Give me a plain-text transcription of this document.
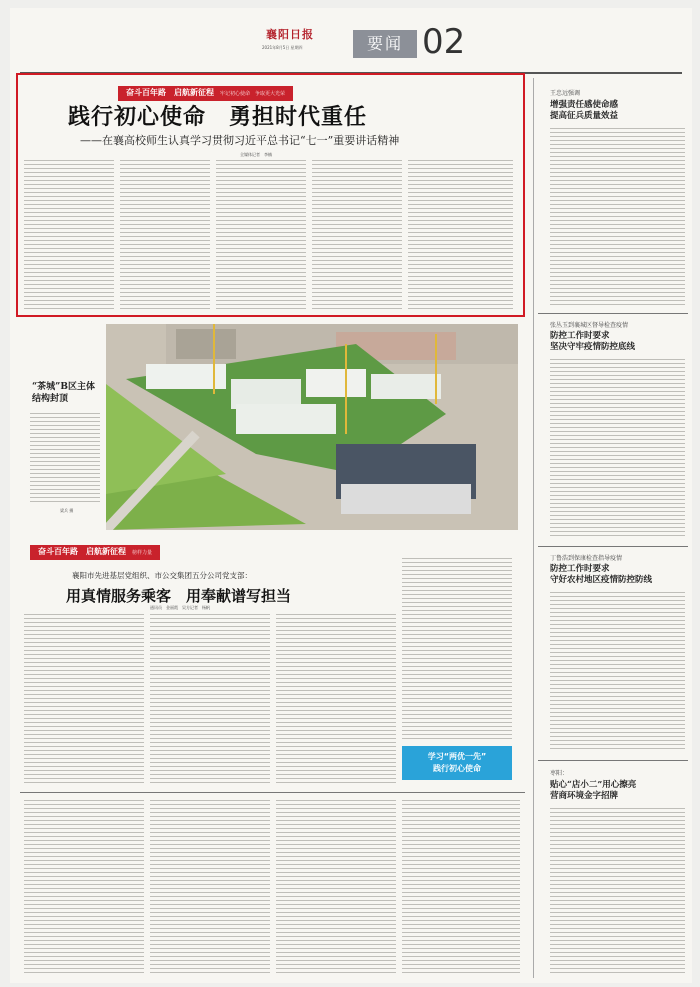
襄阳日报
2021年8月5日 星期四	要闻 02
奋斗百年路　启航新征程 牢记初心使命　争取更大光荣
践行初心使命　勇担时代重任
——在襄高校师生认真学习贯彻习近平总书记“七一”重要讲话精神
全媒体记者　李楠
“茶城”B区主体结构封顶
梁兵 摄
奋斗百年路　启航新征程 榜样力量
襄阳市先进基层党组织、市公交集团五分公司党支部：
用真情服务乘客　用奉献谱写担当
通讯员　金丽霞　吴方记者　杨帆
学习“两优一先”
践行初心使命
王忠远强调
增强责任感使命感
提高征兵质量效益
张丛玉到襄城区督导检查疫情
防控工作时要求
坚决守牢疫情防控底线
丁鲁浩到保康检查指导疫情
防控工作时要求
守好农村地区疫情防控防线
枣阳：
贴心“店小二”用心擦亮
营商环境金字招牌
